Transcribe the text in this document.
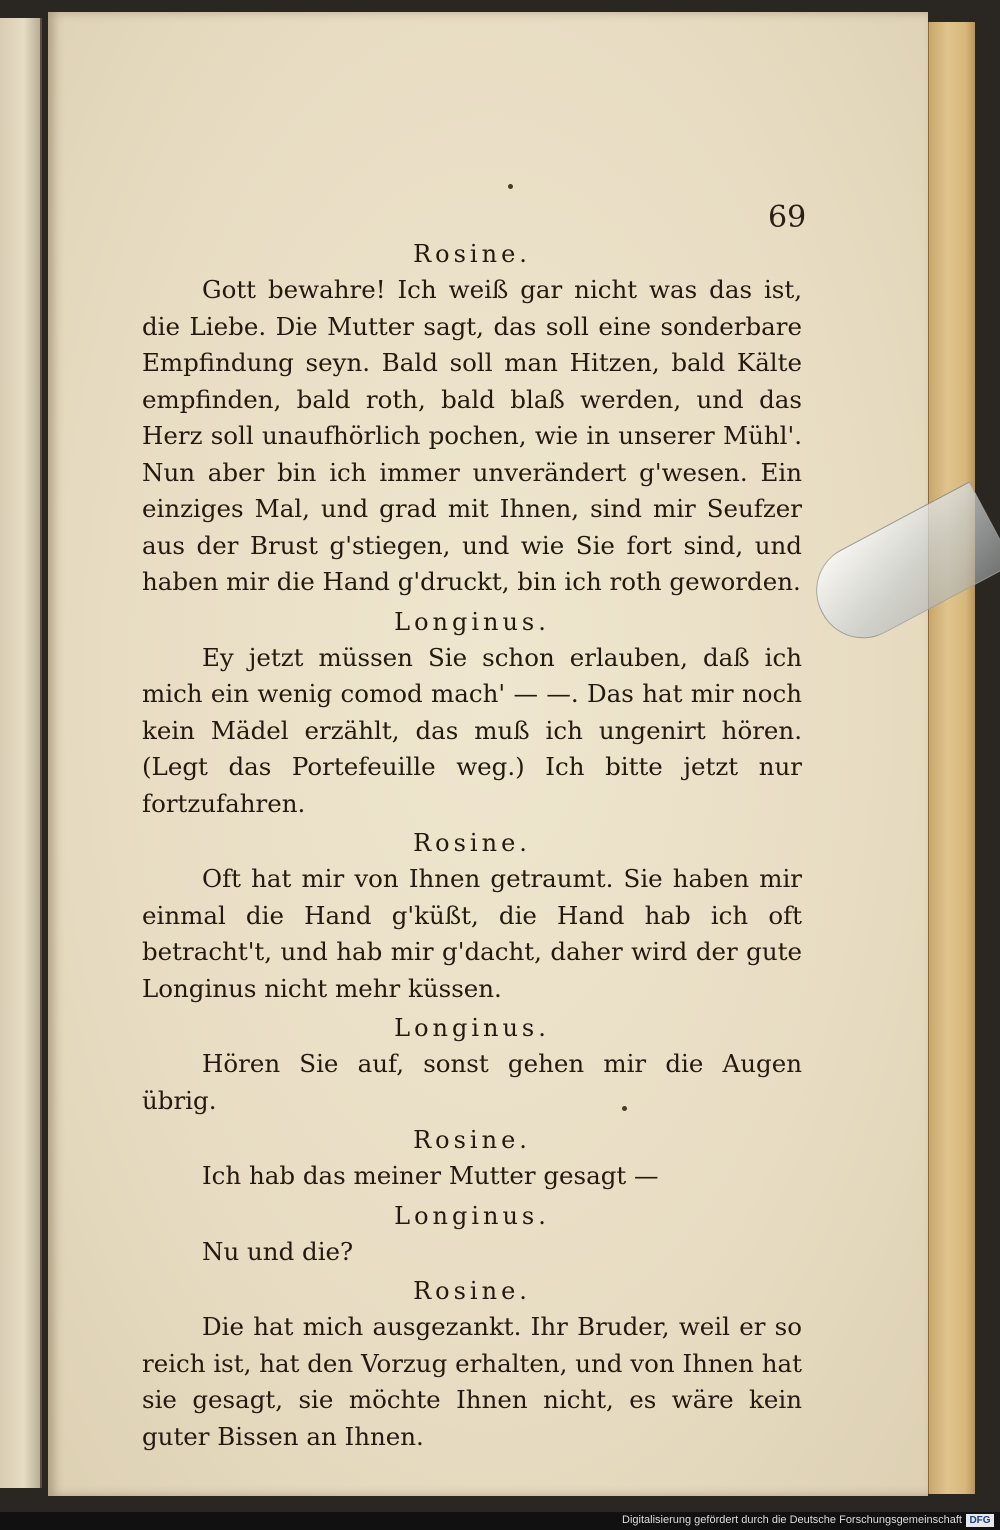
69
Rosine.

Gott bewahre! Ich weiß gar nicht was das ist, die Liebe. Die Mutter sagt, das soll eine sonderbare Empfindung seyn. Bald soll man Hitzen, bald Kälte empfinden, bald roth, bald blaß werden, und das Herz soll unaufhörlich pochen, wie in unserer Mühl'. Nun aber bin ich immer unverändert g'wesen. Ein einziges Mal, und grad mit Ihnen, sind mir Seufzer aus der Brust g'stiegen, und wie Sie fort sind, und haben mir die Hand g'druckt, bin ich roth geworden.

Longinus.

Ey jetzt müssen Sie schon erlauben, daß ich mich ein wenig comod mach' — —. Das hat mir noch kein Mädel erzählt, das muß ich ungenirt hören. (Legt das Portefeuille weg.) Ich bitte jetzt nur fortzufahren.

Rosine.

Oft hat mir von Ihnen getraumt. Sie haben mir einmal die Hand g'küßt, die Hand hab ich oft betracht't, und hab mir g'dacht, daher wird der gute Longinus nicht mehr küssen.

Longinus.

Hören Sie auf, sonst gehen mir die Augen übrig.

Rosine.

Ich hab das meiner Mutter gesagt —

Longinus.

Nu und die?

Rosine.

Die hat mich ausgezankt. Ihr Bruder, weil er so reich ist, hat den Vorzug erhalten, und von Ihnen hat sie gesagt, sie möchte Ihnen nicht, es wäre kein guter Bissen an Ihnen.

Digitalisierung gefördert durch die Deutsche Forschungsgemeinschaft DFG
